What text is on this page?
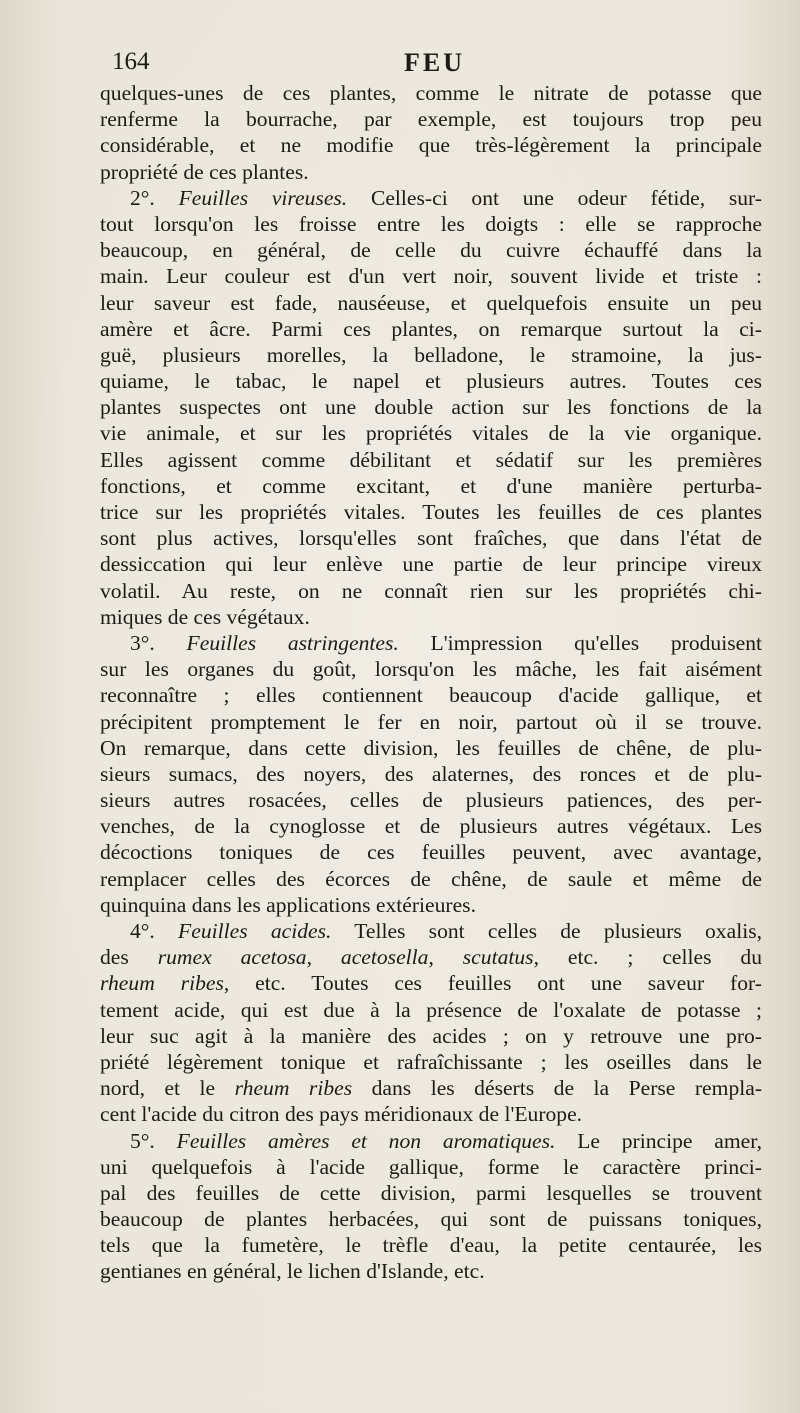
164	FEU
quelques-unes de ces plantes, comme le nitrate de potasse que
renferme la bourrache, par exemple, est toujours trop peu
considérable, et ne modifie que très-légèrement la principale
propriété de ces plantes.
2°. Feuilles vireuses. Celles-ci ont une odeur fétide, sur-
tout lorsqu'on les froisse entre les doigts : elle se rapproche
beaucoup, en général, de celle du cuivre échauffé dans la
main. Leur couleur est d'un vert noir, souvent livide et triste :
leur saveur est fade, nauséeuse, et quelquefois ensuite un peu
amère et âcre. Parmi ces plantes, on remarque surtout la ci-
guë, plusieurs morelles, la belladone, le stramoine, la jus-
quiame, le tabac, le napel et plusieurs autres. Toutes ces
plantes suspectes ont une double action sur les fonctions de la
vie animale, et sur les propriétés vitales de la vie organique.
Elles agissent comme débilitant et sédatif sur les premières
fonctions, et comme excitant, et d'une manière perturba-
trice sur les propriétés vitales. Toutes les feuilles de ces plantes
sont plus actives, lorsqu'elles sont fraîches, que dans l'état de
dessiccation qui leur enlève une partie de leur principe vireux
volatil. Au reste, on ne connaît rien sur les propriétés chi-
miques de ces végétaux.
3°. Feuilles astringentes. L'impression qu'elles produisent
sur les organes du goût, lorsqu'on les mâche, les fait aisément
reconnaître ; elles contiennent beaucoup d'acide gallique, et
précipitent promptement le fer en noir, partout où il se trouve.
On remarque, dans cette division, les feuilles de chêne, de plu-
sieurs sumacs, des noyers, des alaternes, des ronces et de plu-
sieurs autres rosacées, celles de plusieurs patiences, des per-
venches, de la cynoglosse et de plusieurs autres végétaux. Les
décoctions toniques de ces feuilles peuvent, avec avantage,
remplacer celles des écorces de chêne, de saule et même de
quinquina dans les applications extérieures.
4°. Feuilles acides. Telles sont celles de plusieurs oxalis,
des rumex acetosa, acetosella, scutatus, etc. ; celles du
rheum ribes, etc. Toutes ces feuilles ont une saveur for-
tement acide, qui est due à la présence de l'oxalate de potasse ;
leur suc agit à la manière des acides ; on y retrouve une pro-
priété légèrement tonique et rafraîchissante ; les oseilles dans le
nord, et le rheum ribes dans les déserts de la Perse rempla-
cent l'acide du citron des pays méridionaux de l'Europe.
5°. Feuilles amères et non aromatiques. Le principe amer,
uni quelquefois à l'acide gallique, forme le caractère princi-
pal des feuilles de cette division, parmi lesquelles se trouvent
beaucoup de plantes herbacées, qui sont de puissans toniques,
tels que la fumetère, le trèfle d'eau, la petite centaurée, les
gentianes en général, le lichen d'Islande, etc.
